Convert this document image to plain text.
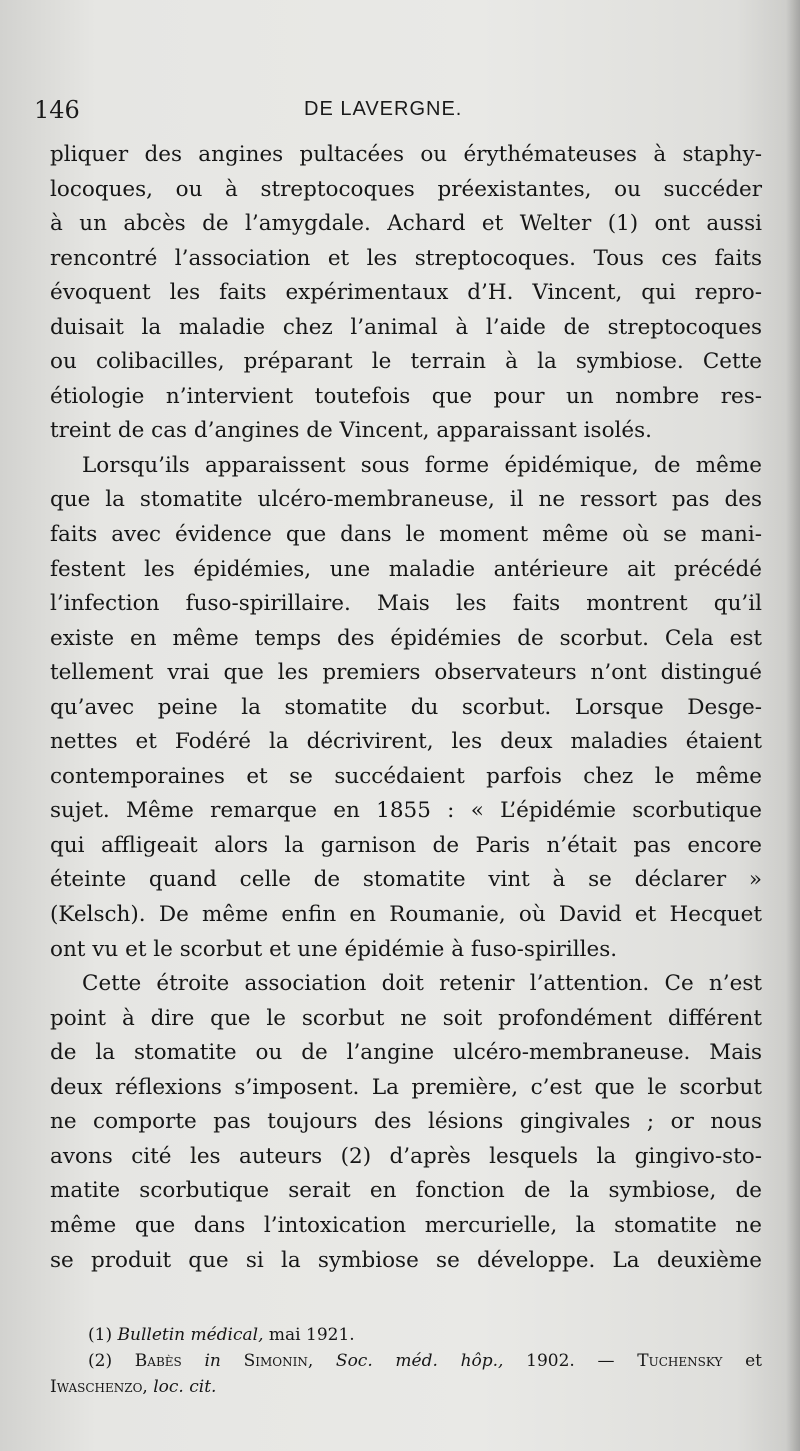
146	DE LAVERGNE.
pliquer des angines pultacées ou érythémateuses à staphy-
locoques, ou à streptocoques préexistantes, ou succéder
à un abcès de l’amygdale. Achard et Welter (1) ont aussi
rencontré l’association et les streptocoques. Tous ces faits
évoquent les faits expérimentaux d’H. Vincent, qui repro-
duisait la maladie chez l’animal à l’aide de streptocoques
ou colibacilles, préparant le terrain à la symbiose. Cette
étiologie n’intervient toutefois que pour un nombre res-
treint de cas d’angines de Vincent, apparaissant isolés.
Lorsqu’ils apparaissent sous forme épidémique, de même
que la stomatite ulcéro-membraneuse, il ne ressort pas des
faits avec évidence que dans le moment même où se mani-
festent les épidémies, une maladie antérieure ait précédé
l’infection fuso-spirillaire. Mais les faits montrent qu’il
existe en même temps des épidémies de scorbut. Cela est
tellement vrai que les premiers observateurs n’ont distingué
qu’avec peine la stomatite du scorbut. Lorsque Desge-
nettes et Fodéré la décrivirent, les deux maladies étaient
contemporaines et se succédaient parfois chez le même
sujet. Même remarque en 1855 : « L’épidémie scorbutique
qui affligeait alors la garnison de Paris n’était pas encore
éteinte quand celle de stomatite vint à se déclarer »
(Kelsch). De même enfin en Roumanie, où David et Hecquet
ont vu et le scorbut et une épidémie à fuso-spirilles.
Cette étroite association doit retenir l’attention. Ce n’est
point à dire que le scorbut ne soit profondément différent
de la stomatite ou de l’angine ulcéro-membraneuse. Mais
deux réflexions s’imposent. La première, c’est que le scorbut
ne comporte pas toujours des lésions gingivales ; or nous
avons cité les auteurs (2) d’après lesquels la gingivo-sto-
matite scorbutique serait en fonction de la symbiose, de
même que dans l’intoxication mercurielle, la stomatite ne
se produit que si la symbiose se développe. La deuxième
(1) Bulletin médical, mai 1921.
(2) Babès in Simonin, Soc. méd. hôp., 1902. — Tuchensky et
Iwaschenzo, loc. cit.
